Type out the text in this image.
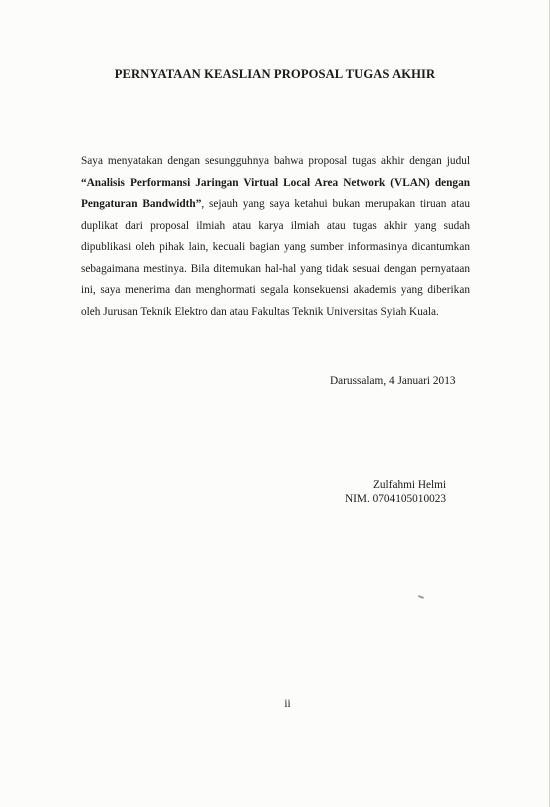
PERNYATAAN KEASLIAN PROPOSAL TUGAS AKHIR
Saya menyatakan dengan sesungguhnya bahwa proposal tugas akhir dengan judul “Analisis Performansi Jaringan Virtual Local Area Network (VLAN) dengan Pengaturan Bandwidth”, sejauh yang saya ketahui bukan merupakan tiruan atau duplikat dari proposal ilmiah atau karya ilmiah atau tugas akhir yang sudah dipublikasi oleh pihak lain, kecuali bagian yang sumber informasinya dicantumkan sebagaimana mestinya. Bila ditemukan hal-hal yang tidak sesuai dengan pernyataan ini, saya menerima dan menghormati segala konsekuensi akademis yang diberikan oleh Jurusan Teknik Elektro dan atau Fakultas Teknik Universitas Syiah Kuala.
Darussalam, 4 Januari 2013
Zulfahmi Helmi
NIM. 0704105010023
ii
